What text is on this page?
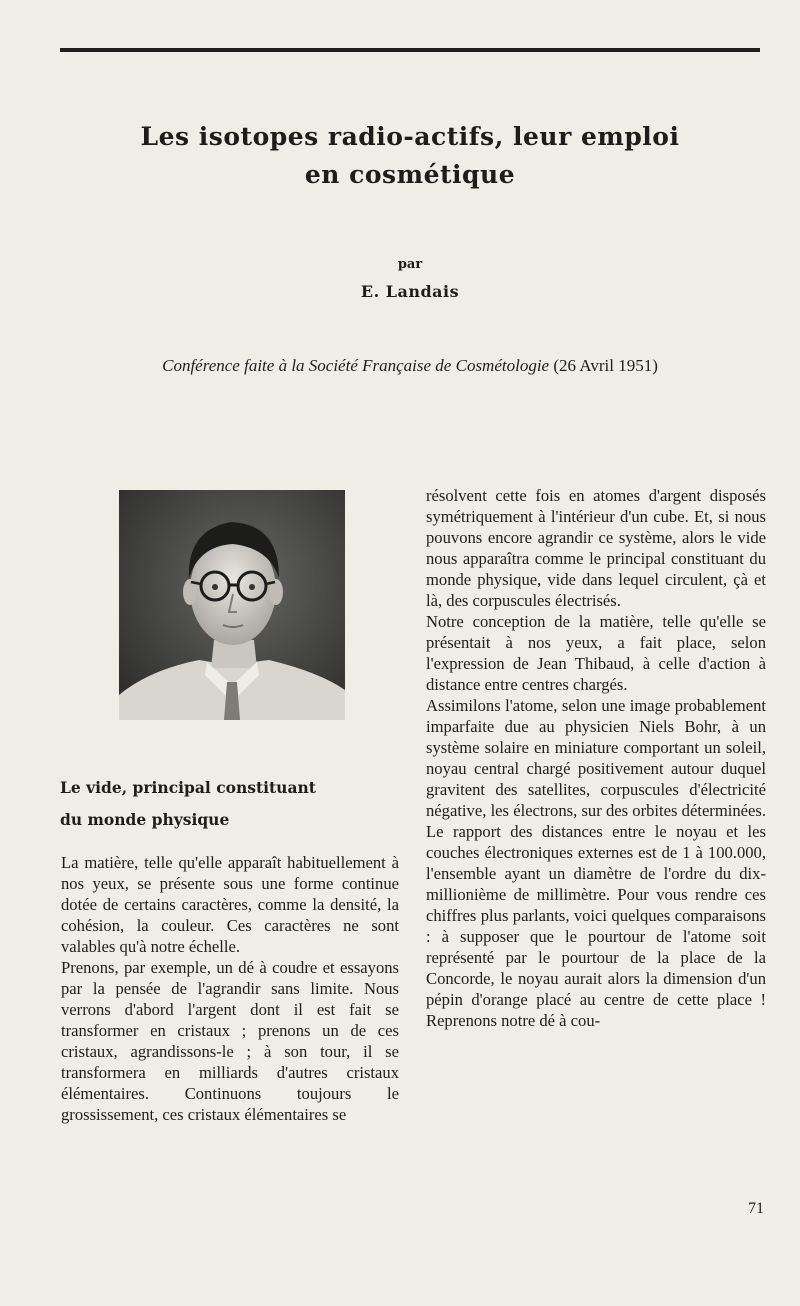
Les isotopes radio-actifs, leur emploi
en cosmétique
par
E. Landais
Conférence faite à la Société Française de Cosmétologie (26 Avril 1951)
Le vide, principal constituant
du monde physique

La matière, telle qu'elle apparaît habituellement à nos yeux, se présente sous une forme continue dotée de certains caractères, comme la densité, la cohésion, la couleur. Ces caractères ne sont valables qu'à notre échelle.

Prenons, par exemple, un dé à coudre et essayons par la pensée de l'agrandir sans limite. Nous verrons d'abord l'argent dont il est fait se transformer en cristaux ; prenons un de ces cristaux, agrandissons-le ; à son tour, il se transformera en milliards d'autres cristaux élémentaires. Continuons toujours le grossissement, ces cristaux élémentaires se

résolvent cette fois en atomes d'argent disposés symétriquement à l'intérieur d'un cube. Et, si nous pouvons encore agrandir ce système, alors le vide nous apparaîtra comme le principal constituant du monde physique, vide dans lequel circulent, çà et là, des corpuscules électrisés.

Notre conception de la matière, telle qu'elle se présentait à nos yeux, a fait place, selon l'expression de Jean Thibaud, à celle d'action à distance entre centres chargés.

Assimilons l'atome, selon une image probablement imparfaite due au physicien Niels Bohr, à un système solaire en miniature comportant un soleil, noyau central chargé positivement autour duquel gravitent des satellites, corpuscules d'électricité négative, les électrons, sur des orbites déterminées. Le rapport des distances entre le noyau et les couches électroniques externes est de 1 à 100.000, l'ensemble ayant un diamètre de l'ordre du dix-millionième de millimètre. Pour vous rendre ces chiffres plus parlants, voici quelques comparaisons : à supposer que le pourtour de l'atome soit représenté par le pourtour de la place de la Concorde, le noyau aurait alors la dimension d'un pépin d'orange placé au centre de cette place ! Reprenons notre dé à cou-

71
